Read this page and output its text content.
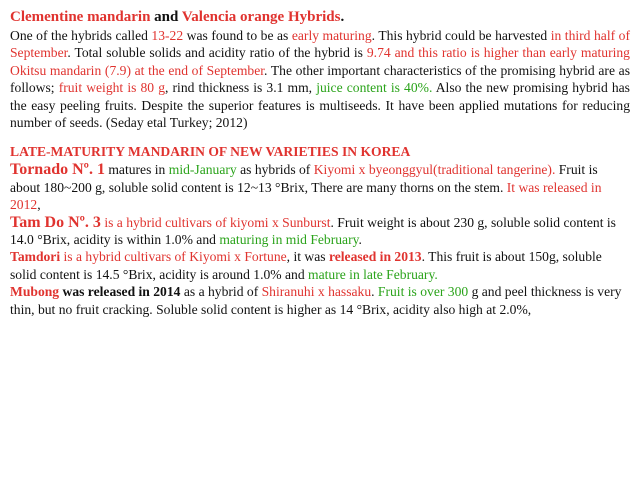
Clementine mandarin and Valencia orange Hybrids.

One of the hybrids called 13-22 was found to be as early maturing. This hybrid could be harvested in third half of September. Total soluble solids and acidity ratio of the hybrid is 9.74 and this ratio is higher than early maturing Okitsu mandarin (7.9) at the end of September. The other important characteristics of the promising hybrid are as follows; fruit weight is 80 g, rind thickness is 3.1 mm, juice content is 40%. Also the new promising hybrid has the easy peeling fruits. Despite the superior features is multiseeds. It have been applied mutations for reducing number of seeds. (Seday etal Turkey; 2012)

LATE-MATURITY MANDARIN OF NEW VARIETIES IN KOREA

Tornado Nº. 1 matures in mid-January as hybrids of Kiyomi x byeonggyul(traditional tangerine). Fruit is about 180~200 g, soluble solid content is 12~13 °Brix, There are many thorns on the stem. It was released in 2012,

Tam Do Nº. 3 is a hybrid cultivars of kiyomi x Sunburst. Fruit weight is about 230 g, soluble solid content is 14.0 °Brix, acidity is within 1.0% and maturing in mid February.

Tamdori is a hybrid cultivars of Kiyomi x Fortune, it was released in 2013. This fruit is about 150g, soluble solid content is 14.5 °Brix, acidity is around 1.0% and mature in late February.

Mubong was released in 2014 as a hybrid of Shiranuhi x hassaku. Fruit is over 300 g and peel thickness is very thin, but no fruit cracking. Soluble solid content is higher as 14 °Brix, acidity also high at 2.0%,
